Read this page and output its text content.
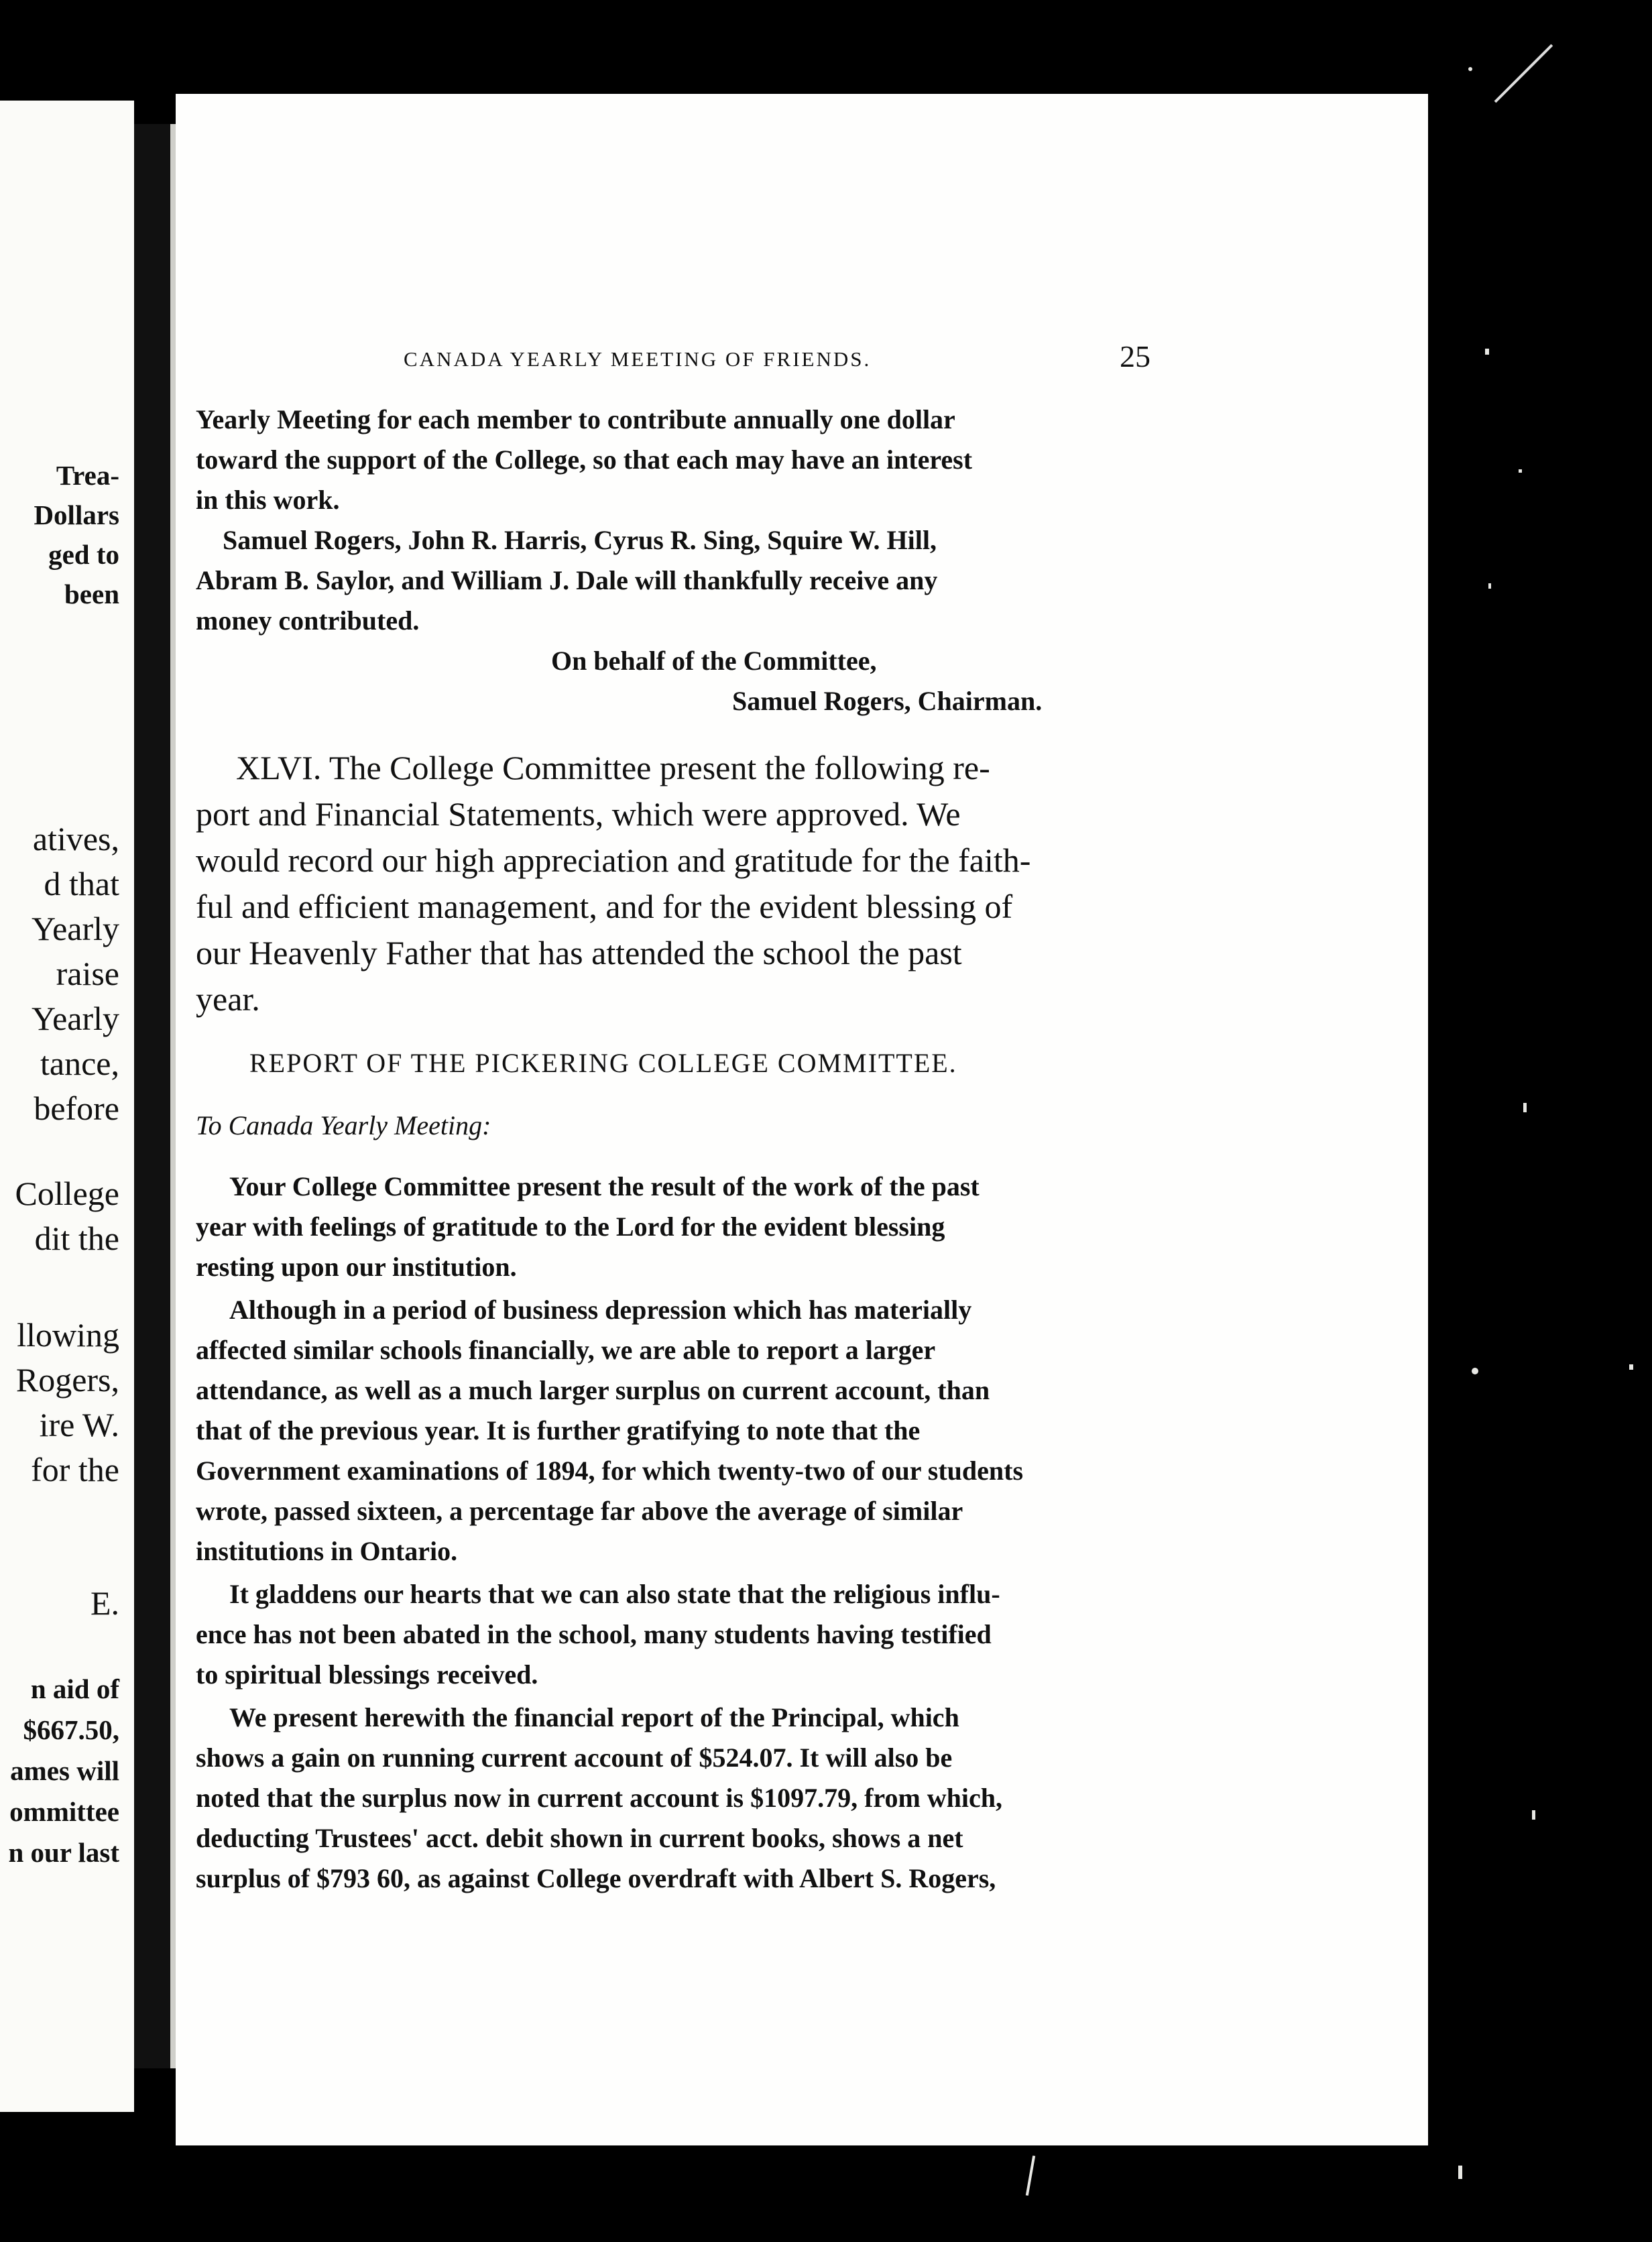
Trea-
Dollars
ged to
been
atives,
d that
Yearly
raise
Yearly
tance,
before
College
dit the
llowing
Rogers,
ire W.
for the
E.
n aid of
$667.50,
ames will
ommittee
n our last
CANADA YEARLY MEETING OF FRIENDS.	25
Yearly Meeting for each member to contribute annually one dollar
toward the support of the College, so that each may have an interest
in this work.
Samuel Rogers, John R. Harris, Cyrus R. Sing, Squire W. Hill,
Abram B. Saylor, and William J. Dale will thankfully receive any
money contributed.
On behalf of the Committee,
Samuel Rogers, Chairman.
XLVI. The College Committee present the following re-
port and Financial Statements, which were approved. We
would record our high appreciation and gratitude for the faith-
ful and efficient management, and for the evident blessing of
our Heavenly Father that has attended the school the past
year.
REPORT OF THE PICKERING COLLEGE COMMITTEE.
To Canada Yearly Meeting:
Your College Committee present the result of the work of the past
year with feelings of gratitude to the Lord for the evident blessing
resting upon our institution.
Although in a period of business depression which has materially
affected similar schools financially, we are able to report a larger
attendance, as well as a much larger surplus on current account, than
that of the previous year. It is further gratifying to note that the
Government examinations of 1894, for which twenty-two of our students
wrote, passed sixteen, a percentage far above the average of similar
institutions in Ontario.
It gladdens our hearts that we can also state that the religious influ-
ence has not been abated in the school, many students having testified
to spiritual blessings received.
We present herewith the financial report of the Principal, which
shows a gain on running current account of $524.07. It will also be
noted that the surplus now in current account is $1097.79, from which,
deducting Trustees' acct. debit shown in current books, shows a net
surplus of $793 60, as against College overdraft with Albert S. Rogers,
